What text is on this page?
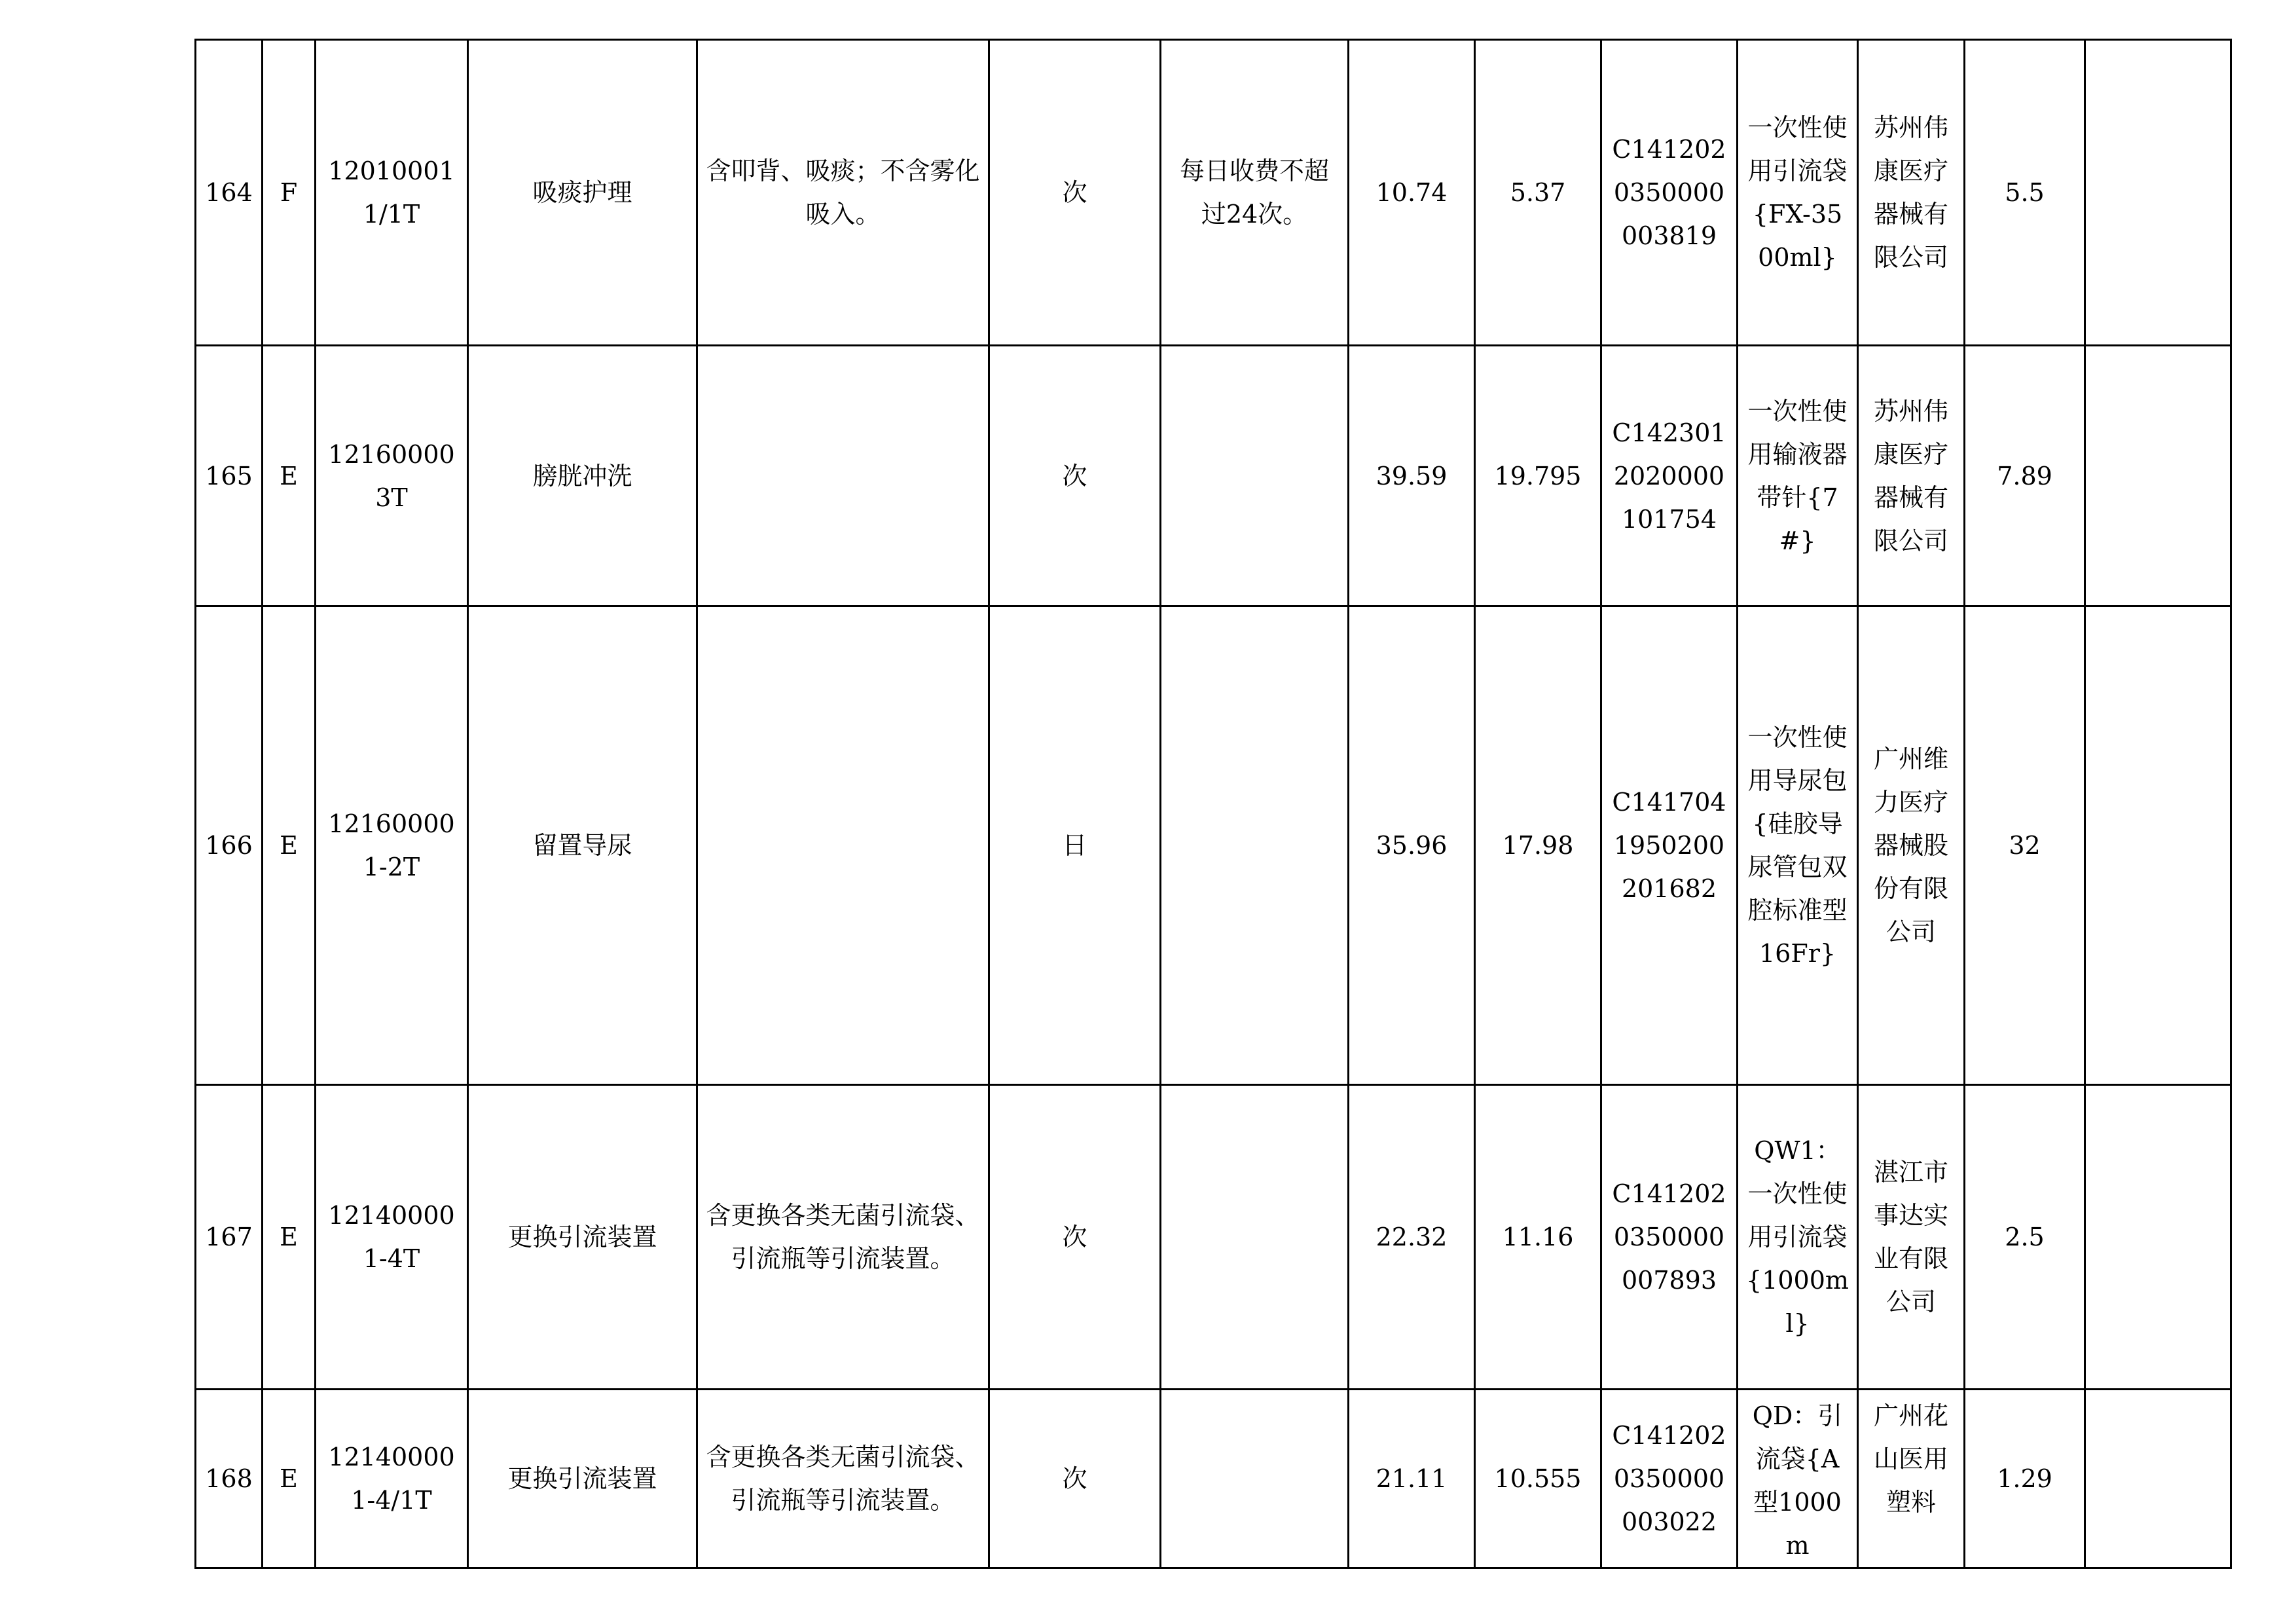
164	F	120100011/1T	吸痰护理	含叩背、吸痰；不含雾化吸入。	次	每日收费不超过24次。	10.74	5.37	C1412020350000003819	一次性使用引流袋{FX-3500ml}	苏州伟康医疗器械有限公司	5.5	
165	E	121600003T	膀胱冲洗		次		39.59	19.795	C1423012020000101754	一次性使用输液器带针{7#}	苏州伟康医疗器械有限公司	7.89	
166	E	121600001-2T	留置导尿		日		35.96	17.98	C1417041950200201682	一次性使用导尿包{硅胶导尿管包双腔标准型16Fr}	广州维力医疗器械股份有限公司	32	
167	E	121400001-4T	更换引流装置	含更换各类无菌引流袋、引流瓶等引流装置。	次		22.32	11.16	C1412020350000007893	QW1：一次性使用引流袋{1000ml}	湛江市事达实业有限公司	2.5	
168	E	121400001-4/1T	更换引流装置	含更换各类无菌引流袋、引流瓶等引流装置。	次		21.11	10.555	C1412020350000003022	QD：引流袋{A型1000m	广州花山医用塑料	1.29	
